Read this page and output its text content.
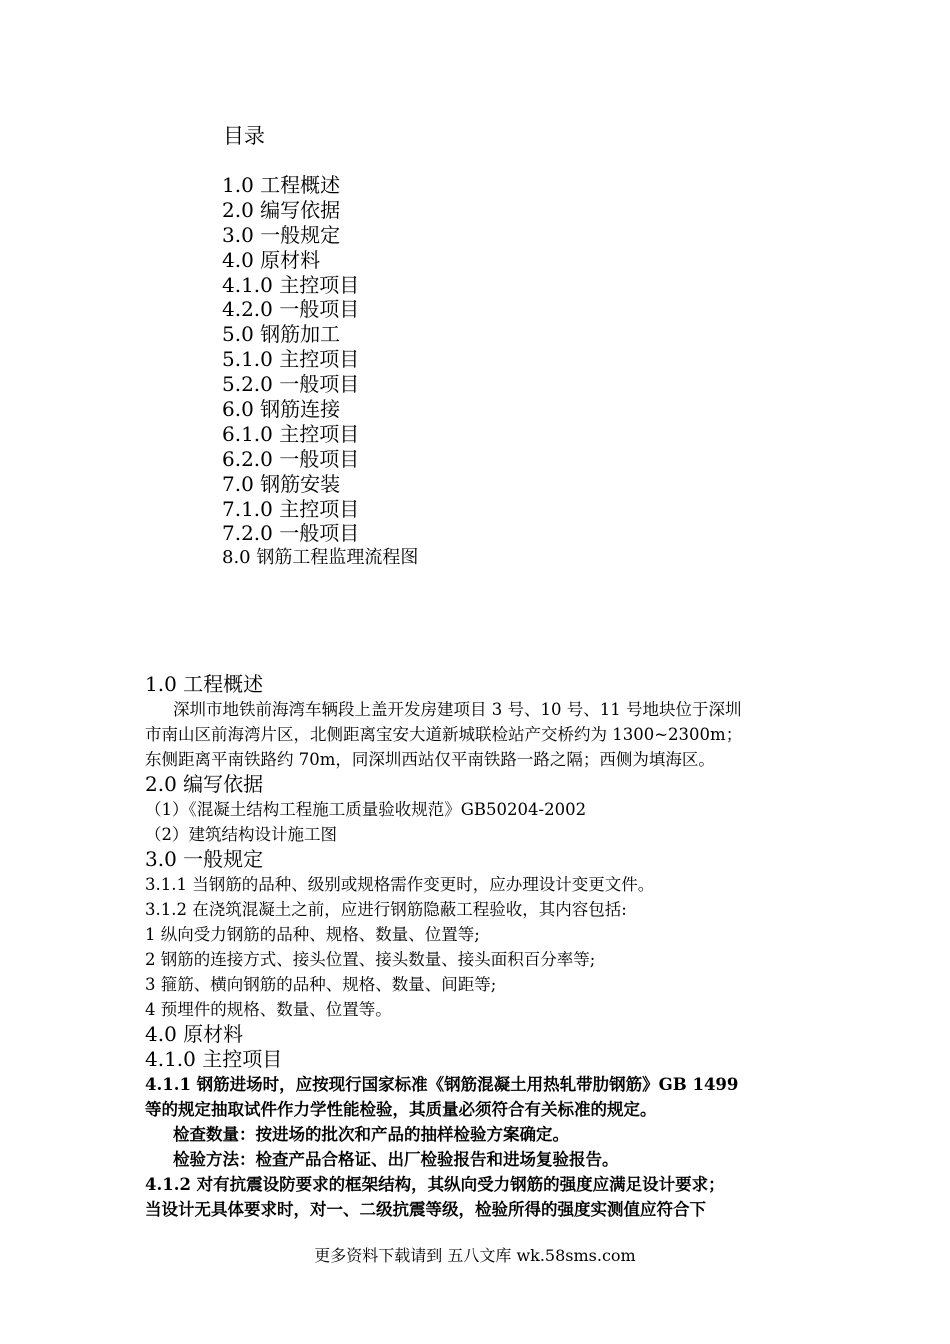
目录
1.0 工程概述
2.0 编写依据
3.0 一般规定
4.0 原材料
4.1.0 主控项目
4.2.0 一般项目
5.0 钢筋加工
5.1.0 主控项目
5.2.0 一般项目
6.0 钢筋连接
6.1.0 主控项目
6.2.0 一般项目
7.0 钢筋安装
7.1.0 主控项目
7.2.0 一般项目
8.0 钢筋工程监理流程图
1.0 工程概述
深圳市地铁前海湾车辆段上盖开发房建项目 3 号、10 号、11 号地块位于深圳
市南山区前海湾片区，北侧距离宝安大道新城联检站产交桥约为 1300~2300m；
东侧距离平南铁路约 70m，同深圳西站仅平南铁路一路之隔；西侧为填海区。
2.0 编写依据
（1）《混凝土结构工程施工质量验收规范》GB50204-2002
（2）建筑结构设计施工图
3.0 一般规定
3.1.1 当钢筋的品种、级别或规格需作变更时，应办理设计变更文件。
3.1.2 在浇筑混凝土之前，应进行钢筋隐蔽工程验收，其内容包括:
1 纵向受力钢筋的品种、规格、数量、位置等;
2 钢筋的连接方式、接头位置、接头数量、接头面积百分率等;
3 箍筋、横向钢筋的品种、规格、数量、间距等;
4 预埋件的规格、数量、位置等。
4.0 原材料
4.1.0 主控项目
4.1.1 钢筋进场时，应按现行国家标准《钢筋混凝土用热轧带肋钢筋》GB 1499
等的规定抽取试件作力学性能检验，其质量必须符合有关标准的规定。
检查数量：按进场的批次和产品的抽样检验方案确定。
检验方法：检查产品合格证、出厂检验报告和进场复验报告。
4.1.2 对有抗震设防要求的框架结构，其纵向受力钢筋的强度应满足设计要求；
当设计无具体要求时，对一、二级抗震等级，检验所得的强度实测值应符合下
更多资料下载请到 五八文库 wk.58sms.com
